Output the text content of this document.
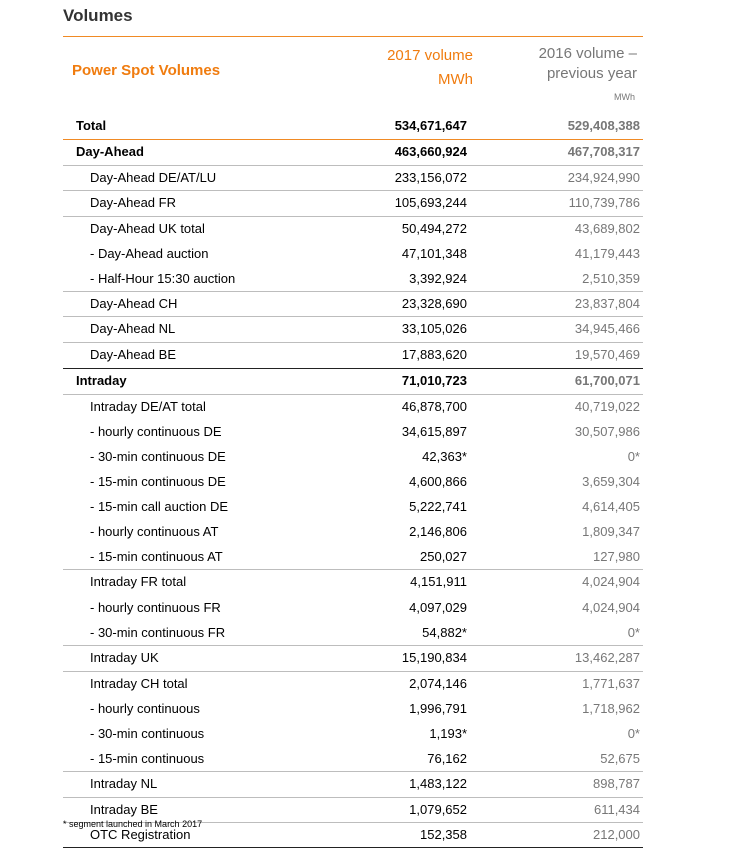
Volumes
Power Spot Volumes
2017 volume
MWh
2016 volume –
previous year
MWh
Total	534,671,647	529,408,388
Day-Ahead	463,660,924	467,708,317
Day-Ahead DE/AT/LU	233,156,072	234,924,990
Day-Ahead FR	105,693,244	110,739,786
Day-Ahead UK total	50,494,272	43,689,802
- Day-Ahead auction	47,101,348	41,179,443
- Half-Hour 15:30 auction	3,392,924	2,510,359
Day-Ahead CH	23,328,690	23,837,804
Day-Ahead NL	33,105,026	34,945,466
Day-Ahead BE	17,883,620	19,570,469
Intraday	71,010,723	61,700,071
Intraday DE/AT total	46,878,700	40,719,022
- hourly continuous DE	34,615,897	30,507,986
- 30-min continuous DE	42,363*	0*
- 15-min continuous DE	4,600,866	3,659,304
- 15-min call auction DE	5,222,741	4,614,405
- hourly continuous AT	2,146,806	1,809,347
- 15-min continuous AT	250,027	127,980
Intraday FR total	4,151,911	4,024,904
- hourly continuous FR	4,097,029	4,024,904
- 30-min continuous FR	54,882*	0*
Intraday UK	15,190,834	13,462,287
Intraday CH total	2,074,146	1,771,637
- hourly continuous	1,996,791	1,718,962
- 30-min continuous	1,193*	0*
- 15-min continuous	76,162	52,675
Intraday NL	1,483,122	898,787
Intraday BE	1,079,652	611,434
OTC Registration	152,358	212,000
* segment launched in March 2017
